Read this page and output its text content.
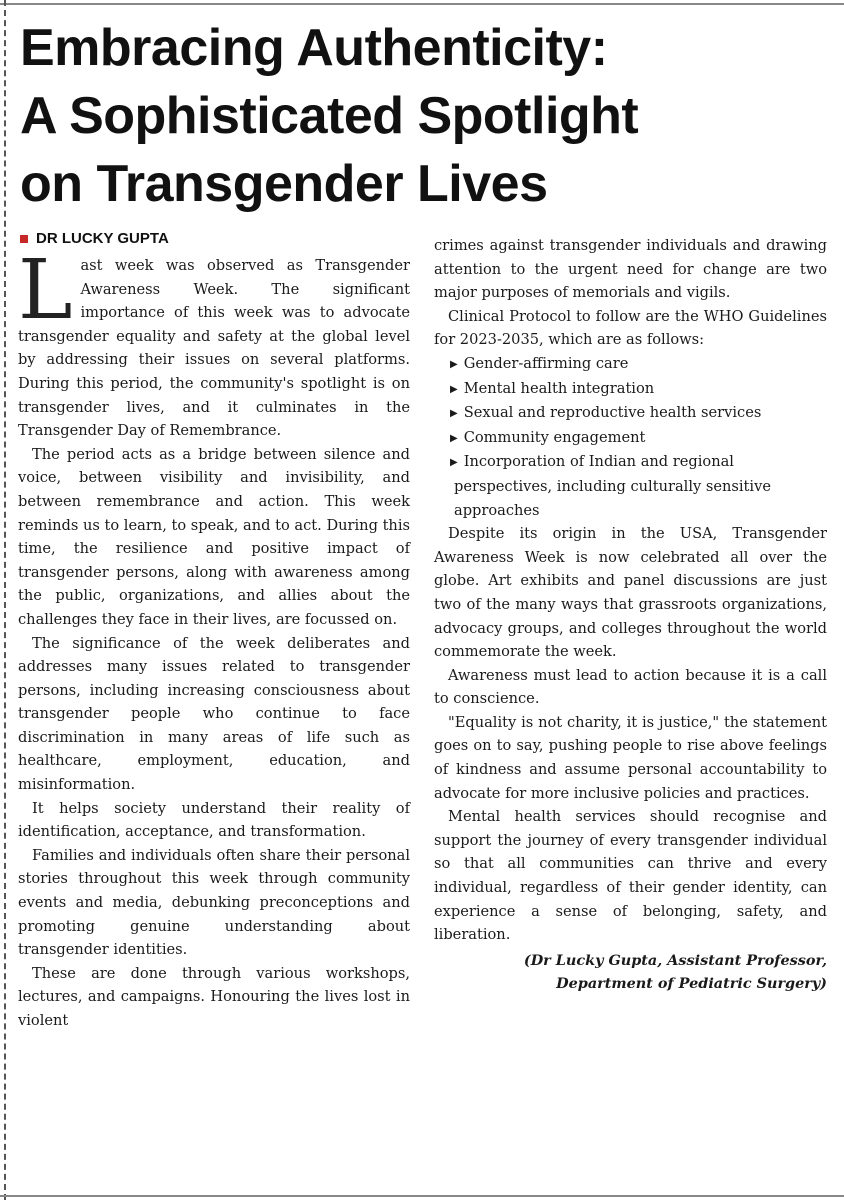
Embracing Authenticity:
A Sophisticated Spotlight
on Transgender Lives
DR LUCKY GUPTA

Last week was observed as Transgender Awareness Week. The significant importance of this week was to advocate transgender equality and safety at the global level by addressing their issues on several platforms. During this period, the community's spotlight is on transgender lives, and it culminates in the Transgender Day of Remembrance.

The period acts as a bridge between silence and voice, between visibility and invisibility, and between remembrance and action. This week reminds us to learn, to speak, and to act. During this time, the resilience and positive impact of transgender persons, along with awareness among the public, organizations, and allies about the challenges they face in their lives, are focussed on.

The significance of the week deliberates and addresses many issues related to transgender persons, including increasing consciousness about transgender people who continue to face discrimination in many areas of life such as healthcare, employment, education, and misinformation.

It helps society understand their reality of identification, acceptance, and transformation.

Families and individuals often share their personal stories throughout this week through community events and media, debunking preconceptions and promoting genuine understanding about transgender identities.

These are done through various workshops, lectures, and campaigns. Honouring the lives lost in violent

crimes against transgender individuals and drawing attention to the urgent need for change are two major purposes of memorials and vigils.

Clinical Protocol to follow are the WHO Guidelines for 2023-2035, which are as follows:

▶ Gender-affirming care
▶ Mental health integration
▶ Sexual and reproductive health services
▶ Community engagement
▶ Incorporation of Indian and regional perspectives, including culturally sensitive approaches

Despite its origin in the USA, Transgender Awareness Week is now celebrated all over the globe. Art exhibits and panel discussions are just two of the many ways that grassroots organizations, advocacy groups, and colleges throughout the world commemorate the week.

Awareness must lead to action because it is a call to conscience.

"Equality is not charity, it is justice," the statement goes on to say, pushing people to rise above feelings of kindness and assume personal accountability to advocate for more inclusive policies and practices.

Mental health services should recognise and support the journey of every transgender individual so that all communities can thrive and every individual, regardless of their gender identity, can experience a sense of belonging, safety, and liberation.

(Dr Lucky Gupta, Assistant Professor, Department of Pediatric Surgery)
